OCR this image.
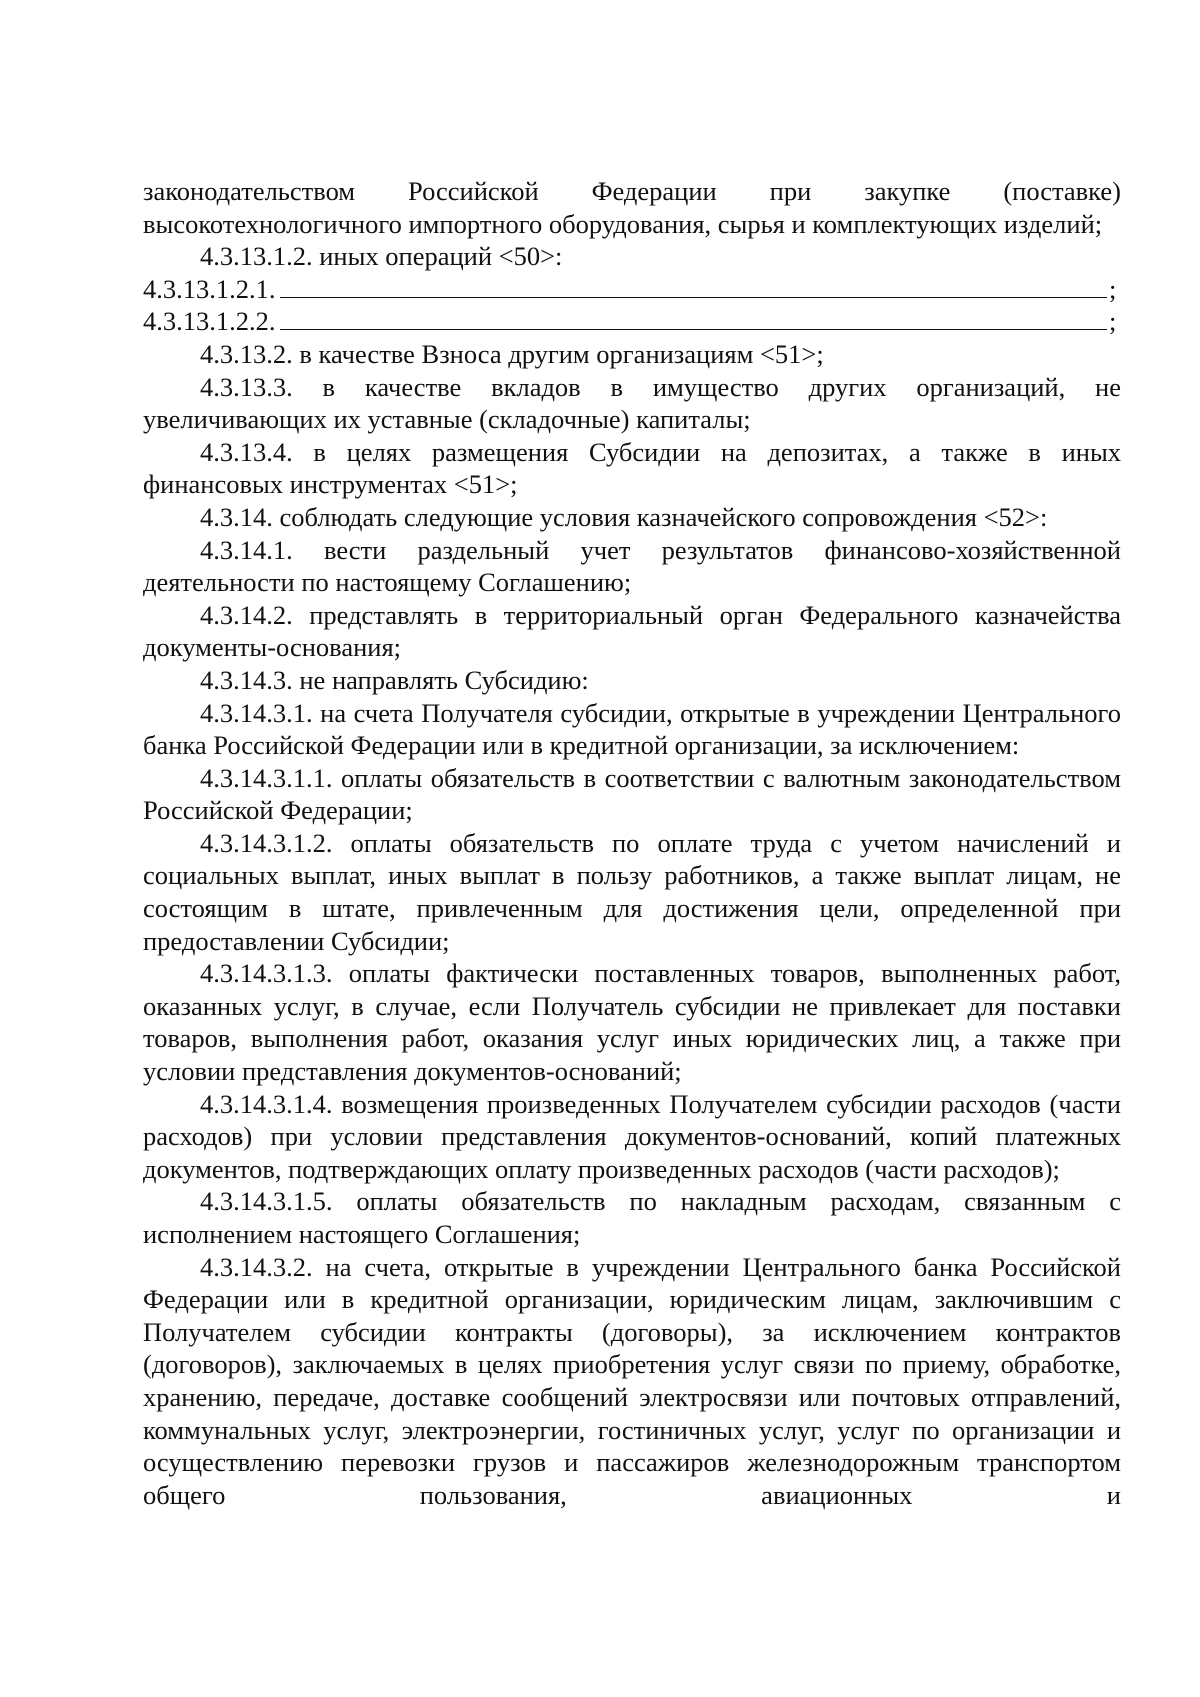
законодательством Российской Федерации при закупке (поставке) высокотехнологичного импортного оборудования, сырья и комплектующих изделий;

4.3.13.1.2. иных операций <50>:

4.3.13.1.2.1.	;

4.3.13.1.2.2.	;

4.3.13.2. в качестве Взноса другим организациям <51>;

4.3.13.3. в качестве вкладов в имущество других организаций, не увеличивающих их уставные (складочные) капиталы;

4.3.13.4. в целях размещения Субсидии на депозитах, а также в иных финансовых инструментах <51>;

4.3.14. соблюдать следующие условия казначейского сопровождения <52>:

4.3.14.1. вести раздельный учет результатов финансово-хозяйственной деятельности по настоящему Соглашению;

4.3.14.2. представлять в территориальный орган Федерального казначейства документы-основания;

4.3.14.3. не направлять Субсидию:

4.3.14.3.1. на счета Получателя субсидии, открытые в учреждении Центрального банка Российской Федерации или в кредитной организации, за исключением:

4.3.14.3.1.1. оплаты обязательств в соответствии с валютным законодательством Российской Федерации;

4.3.14.3.1.2. оплаты обязательств по оплате труда с учетом начислений и социальных выплат, иных выплат в пользу работников, а также выплат лицам, не состоящим в штате, привлеченным для достижения цели, определенной при предоставлении Субсидии;

4.3.14.3.1.3. оплаты фактически поставленных товаров, выполненных работ, оказанных услуг, в случае, если Получатель субсидии не привлекает для поставки товаров, выполнения работ, оказания услуг иных юридических лиц, а также при условии представления документов-оснований;

4.3.14.3.1.4. возмещения произведенных Получателем субсидии расходов (части расходов) при условии представления документов-оснований, копий платежных документов, подтверждающих оплату произведенных расходов (части расходов);

4.3.14.3.1.5. оплаты обязательств по накладным расходам, связанным с исполнением настоящего Соглашения;

4.3.14.3.2. на счета, открытые в учреждении Центрального банка Российской Федерации или в кредитной организации, юридическим лицам, заключившим с Получателем субсидии контракты (договоры), за исключением контрактов (договоров), заключаемых в целях приобретения услуг связи по приему, обработке, хранению, передаче, доставке сообщений электросвязи или почтовых отправлений, коммунальных услуг, электроэнергии, гостиничных услуг, услуг по организации и осуществлению перевозки грузов и пассажиров железнодорожным транспортом общего пользования, авиационных и
